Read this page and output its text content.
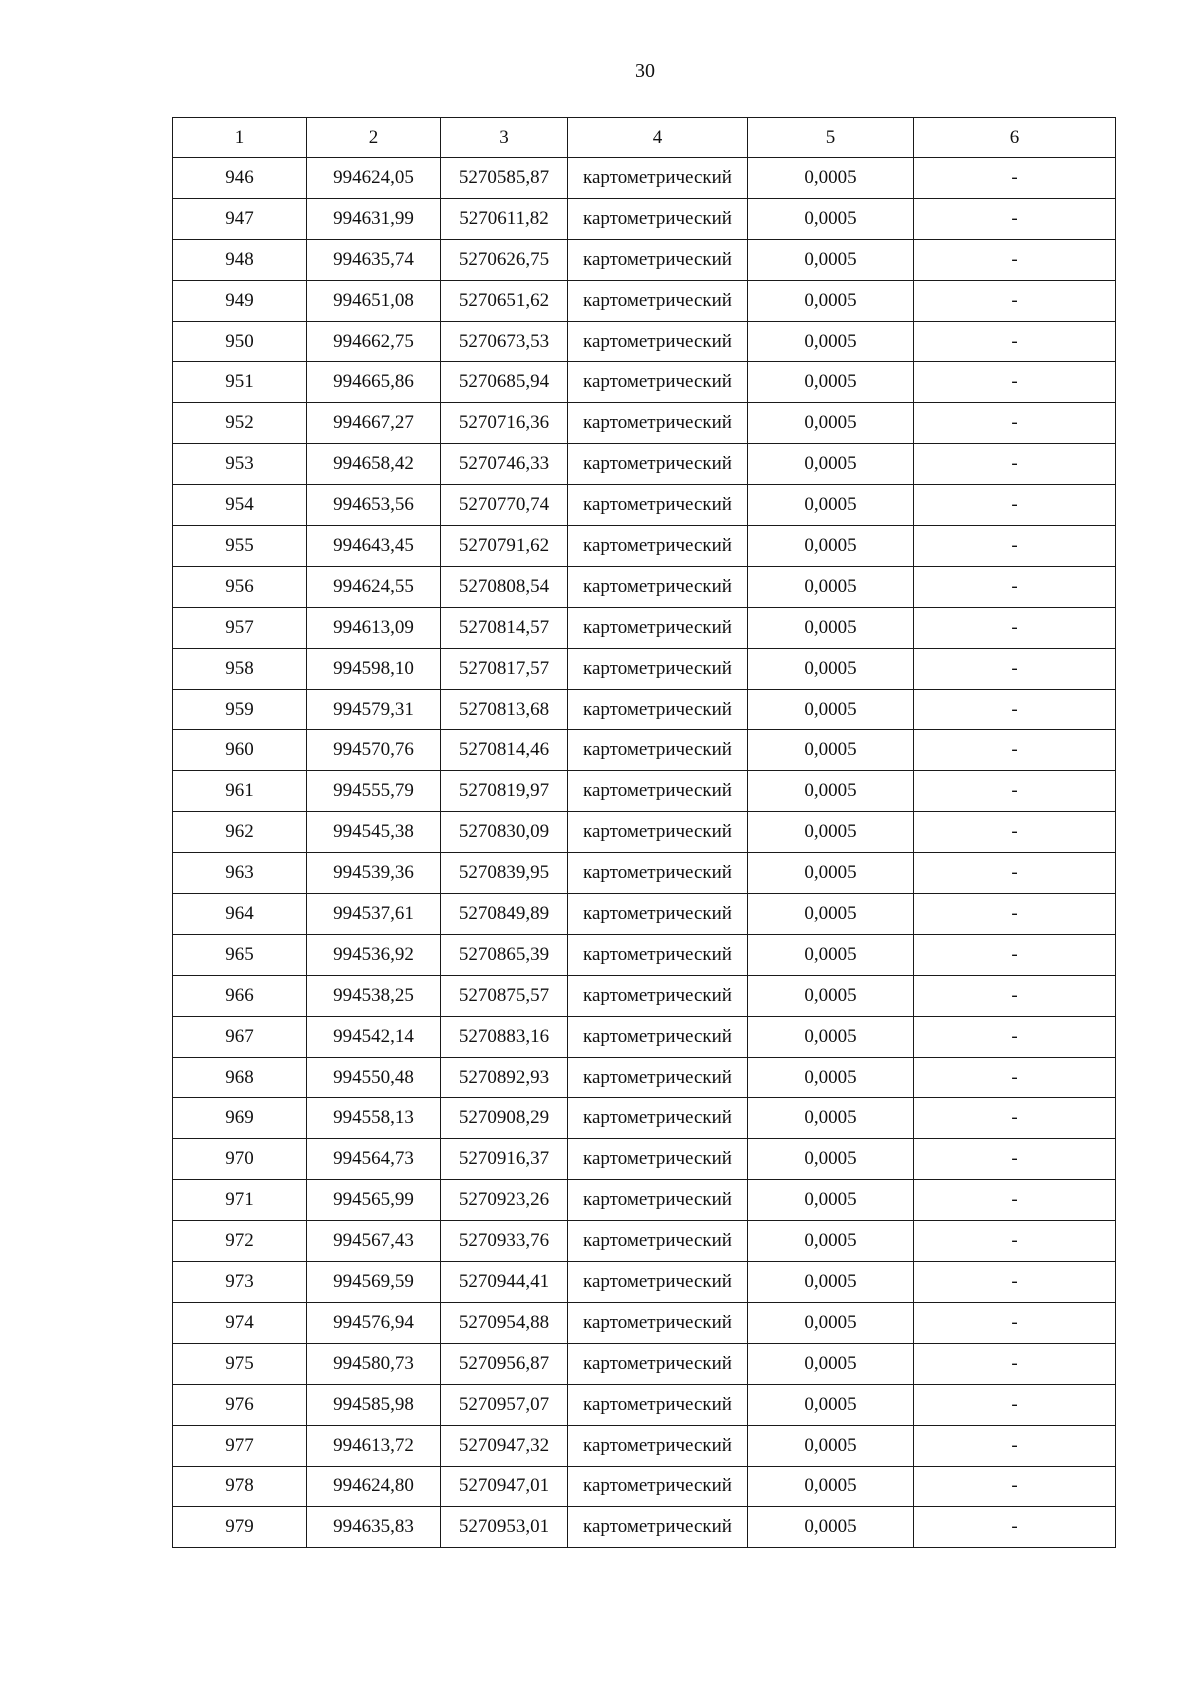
30
1	2	3	4	5	6
946	994624,05	5270585,87	картометрический	0,0005	-
947	994631,99	5270611,82	картометрический	0,0005	-
948	994635,74	5270626,75	картометрический	0,0005	-
949	994651,08	5270651,62	картометрический	0,0005	-
950	994662,75	5270673,53	картометрический	0,0005	-
951	994665,86	5270685,94	картометрический	0,0005	-
952	994667,27	5270716,36	картометрический	0,0005	-
953	994658,42	5270746,33	картометрический	0,0005	-
954	994653,56	5270770,74	картометрический	0,0005	-
955	994643,45	5270791,62	картометрический	0,0005	-
956	994624,55	5270808,54	картометрический	0,0005	-
957	994613,09	5270814,57	картометрический	0,0005	-
958	994598,10	5270817,57	картометрический	0,0005	-
959	994579,31	5270813,68	картометрический	0,0005	-
960	994570,76	5270814,46	картометрический	0,0005	-
961	994555,79	5270819,97	картометрический	0,0005	-
962	994545,38	5270830,09	картометрический	0,0005	-
963	994539,36	5270839,95	картометрический	0,0005	-
964	994537,61	5270849,89	картометрический	0,0005	-
965	994536,92	5270865,39	картометрический	0,0005	-
966	994538,25	5270875,57	картометрический	0,0005	-
967	994542,14	5270883,16	картометрический	0,0005	-
968	994550,48	5270892,93	картометрический	0,0005	-
969	994558,13	5270908,29	картометрический	0,0005	-
970	994564,73	5270916,37	картометрический	0,0005	-
971	994565,99	5270923,26	картометрический	0,0005	-
972	994567,43	5270933,76	картометрический	0,0005	-
973	994569,59	5270944,41	картометрический	0,0005	-
974	994576,94	5270954,88	картометрический	0,0005	-
975	994580,73	5270956,87	картометрический	0,0005	-
976	994585,98	5270957,07	картометрический	0,0005	-
977	994613,72	5270947,32	картометрический	0,0005	-
978	994624,80	5270947,01	картометрический	0,0005	-
979	994635,83	5270953,01	картометрический	0,0005	-
